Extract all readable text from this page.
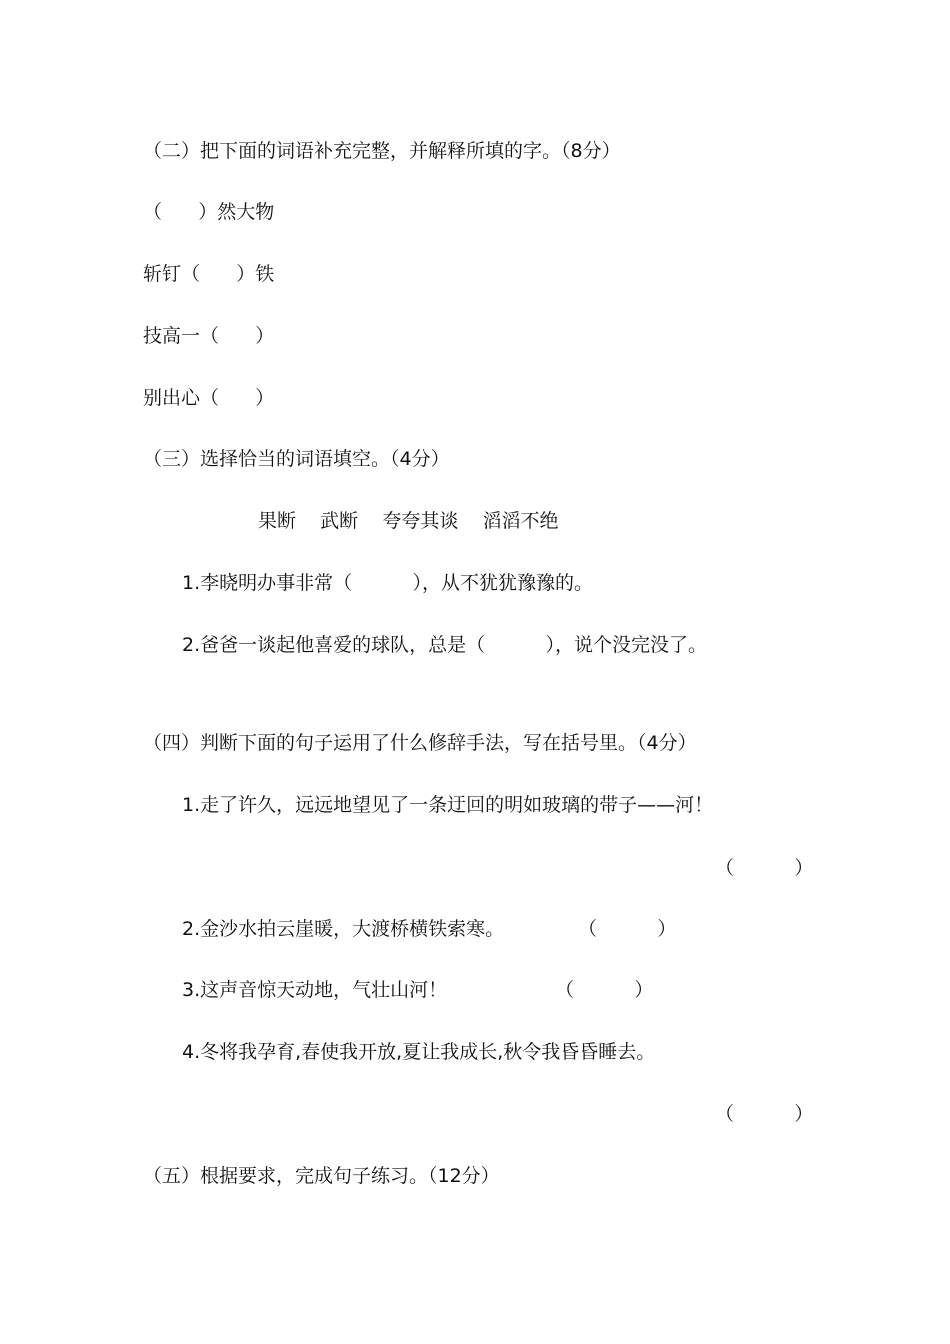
（二）把下面的词语补充完整，并解释所填的字。（8分）
（      ）然大物
斩钉（      ）铁
技高一（      ）
别出心（      ）
（三）选择恰当的词语填空。（4分）
果断    武断    夸夸其谈    滔滔不绝
1.李晓明办事非常（          ），从不犹犹豫豫的。
2.爸爸一谈起他喜爱的球队，总是（          ），说个没完没了。
（四）判断下面的句子运用了什么修辞手法，写在括号里。（4分）
1.走了许久，远远地望见了一条迂回的明如玻璃的带子——河！
（          ）
2.金沙水拍云崖暖，大渡桥横铁索寒。	（          ）
3.这声音惊天动地，气壮山河！	（          ）
4.冬将我孕育,春使我开放,夏让我成长,秋令我昏昏睡去。
（          ）
（五）根据要求，完成句子练习。（12分）
